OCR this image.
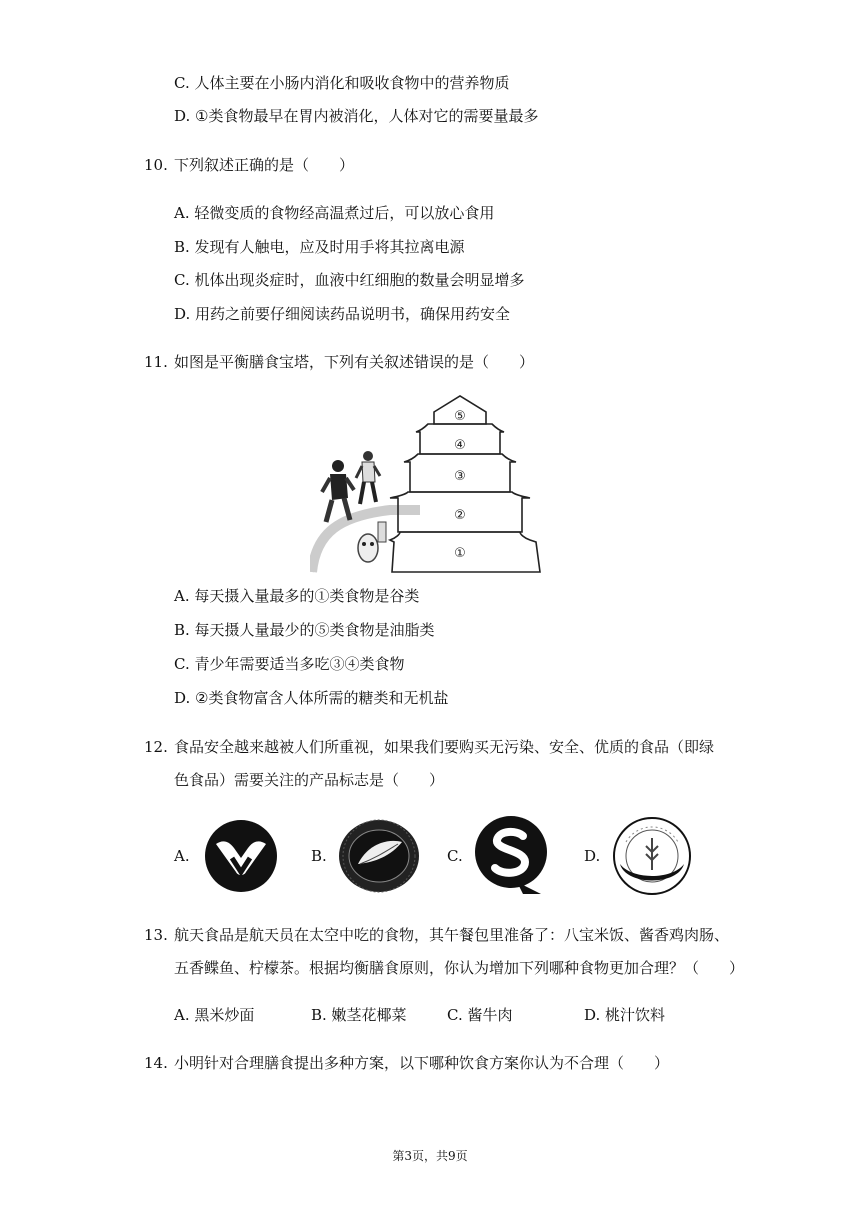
C. 人体主要在小肠内消化和吸收食物中的营养物质
D. ①类食物最早在胃内被消化，人体对它的需要量最多
10. 下列叙述正确的是（　　）
A. 轻微变质的食物经高温煮过后，可以放心食用
B. 发现有人触电，应及时用手将其拉离电源
C. 机体出现炎症时，血液中红细胞的数量会明显增多
D. 用药之前要仔细阅读药品说明书，确保用药安全
11. 如图是平衡膳食宝塔，下列有关叙述错误的是（　　）
⑤
④
③
②
①
A. 每天摄入量最多的①类食物是谷类
B. 每天摄人量最少的⑤类食物是油脂类
C. 青少年需要适当多吃③④类食物
D. ②类食物富含人体所需的糖类和无机盐
12. 食品安全越来越被人们所重视，如果我们要购买无污染、安全、优质的食品（即绿
色食品）需要关注的产品标志是（　　）
A.	B.	C.	D.
13. 航天食品是航天员在太空中吃的食物，其午餐包里准备了：八宝米饭、酱香鸡肉肠、
五香鲽鱼、柠檬茶。根据均衡膳食原则，你认为增加下列哪种食物更加合理？（　　）
A. 黑米炒面	B. 嫩茎花椰菜	C. 酱牛肉	D. 桃汁饮料
14. 小明针对合理膳食提出多种方案，以下哪种饮食方案你认为不合理（　　）
第3页，共9页
